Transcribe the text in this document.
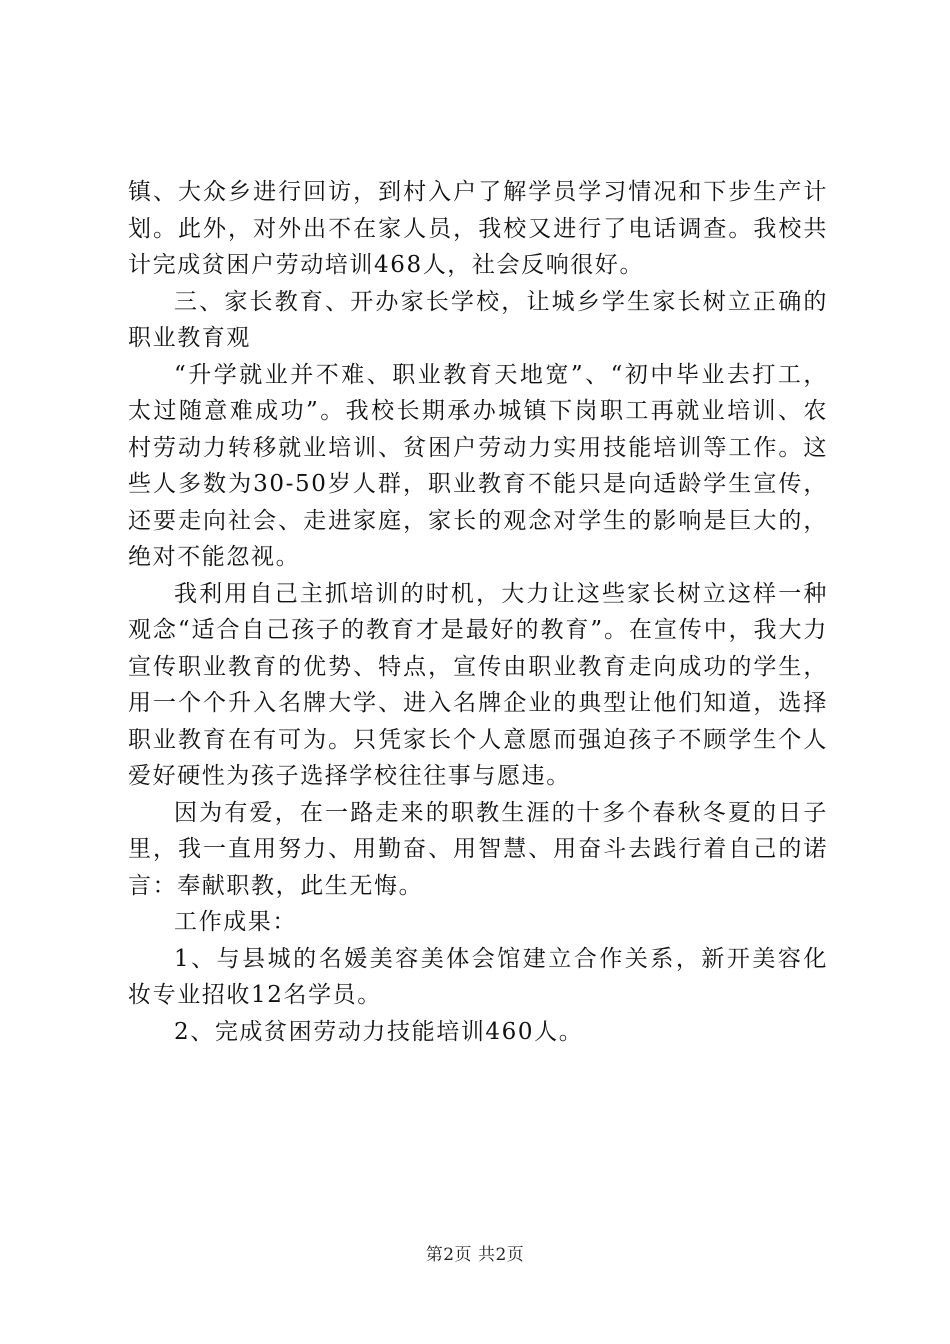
镇、大众乡进行回访，到村入户了解学员学习情况和下步生产计划。此外，对外出不在家人员，我校又进行了电话调查。我校共计完成贫困户劳动培训468人，社会反响很好。

三、家长教育、开办家长学校，让城乡学生家长树立正确的职业教育观

“升学就业并不难、职业教育天地宽”、“初中毕业去打工，太过随意难成功”。我校长期承办城镇下岗职工再就业培训、农村劳动力转移就业培训、贫困户劳动力实用技能培训等工作。这些人多数为30-50岁人群，职业教育不能只是向适龄学生宣传，还要走向社会、走进家庭，家长的观念对学生的影响是巨大的，绝对不能忽视。

我利用自己主抓培训的时机，大力让这些家长树立这样一种观念“适合自己孩子的教育才是最好的教育”。在宣传中，我大力宣传职业教育的优势、特点，宣传由职业教育走向成功的学生，用一个个升入名牌大学、进入名牌企业的典型让他们知道，选择职业教育在有可为。只凭家长个人意愿而强迫孩子不顾学生个人爱好硬性为孩子选择学校往往事与愿违。

因为有爱，在一路走来的职教生涯的十多个春秋冬夏的日子里，我一直用努力、用勤奋、用智慧、用奋斗去践行着自己的诺言：奉献职教，此生无悔。

工作成果：

1、与县城的名媛美容美体会馆建立合作关系，新开美容化妆专业招收12名学员。

2、完成贫困劳动力技能培训460人。

第2页 共2页
